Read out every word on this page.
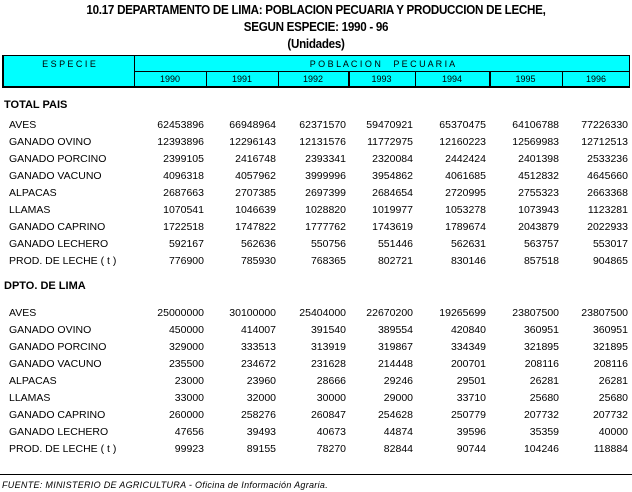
10.17 DEPARTAMENTO DE LIMA: POBLACION PECUARIA Y PRODUCCION DE LECHE,
SEGUN ESPECIE: 1990 - 96
(Unidades)
E S P E C I E	P O B L A C I O N     P E C U A R I A
1990	1991	1992	1993	1994	1995	1996
TOTAL PAIS
AVES	62453896 66948964 62371570 59470921	65370475	64106788 77226330
GANADO OVINO	12393896 12296143 12131576 11772975	12160223	12569983 12712513
GANADO PORCINO	2399105	2416748	2393341 2320084	2442424	2401398	2533236
GANADO VACUNO	4096318	4057962	3999996 3954862	4061685	4512832	4645660
ALPACAS	2687663	2707385	2697399 2684654	2720995	2755323	2663368
LLAMAS	1070541	1046639	1028820 1019977	1053278	1073943	1123281
GANADO CAPRINO	1722518	1747822	1777762 1743619	1789674	2043879	2022933
GANADO LECHERO	592167	562636	550756	551446	562631	563757	553017
PROD. DE LECHE ( t )	776900	785930	768365	802721	830146	857518	904865
DPTO. DE LIMA
AVES	25000000 30100000 25404000 22670200	19265699	23807500 23807500
GANADO OVINO	450000	414007	391540	389554	420840	360951	360951
GANADO PORCINO	329000	333513	313919	319867	334349	321895	321895
GANADO VACUNO	235500	234672	231628	214448	200701	208116	208116
ALPACAS	23000	23960	28666	29246	29501	26281	26281
LLAMAS	33000	32000	30000	29000	33710	25680	25680
GANADO CAPRINO	260000	258276	260847	254628	250779	207732	207732
GANADO LECHERO	47656	39493	40673	44874	39596	35359	40000
PROD. DE LECHE ( t )	99923	89155	78270	82844	90744	104246	118884
FUENTE: MINISTERIO DE AGRICULTURA - Oficina de Información Agraria.
